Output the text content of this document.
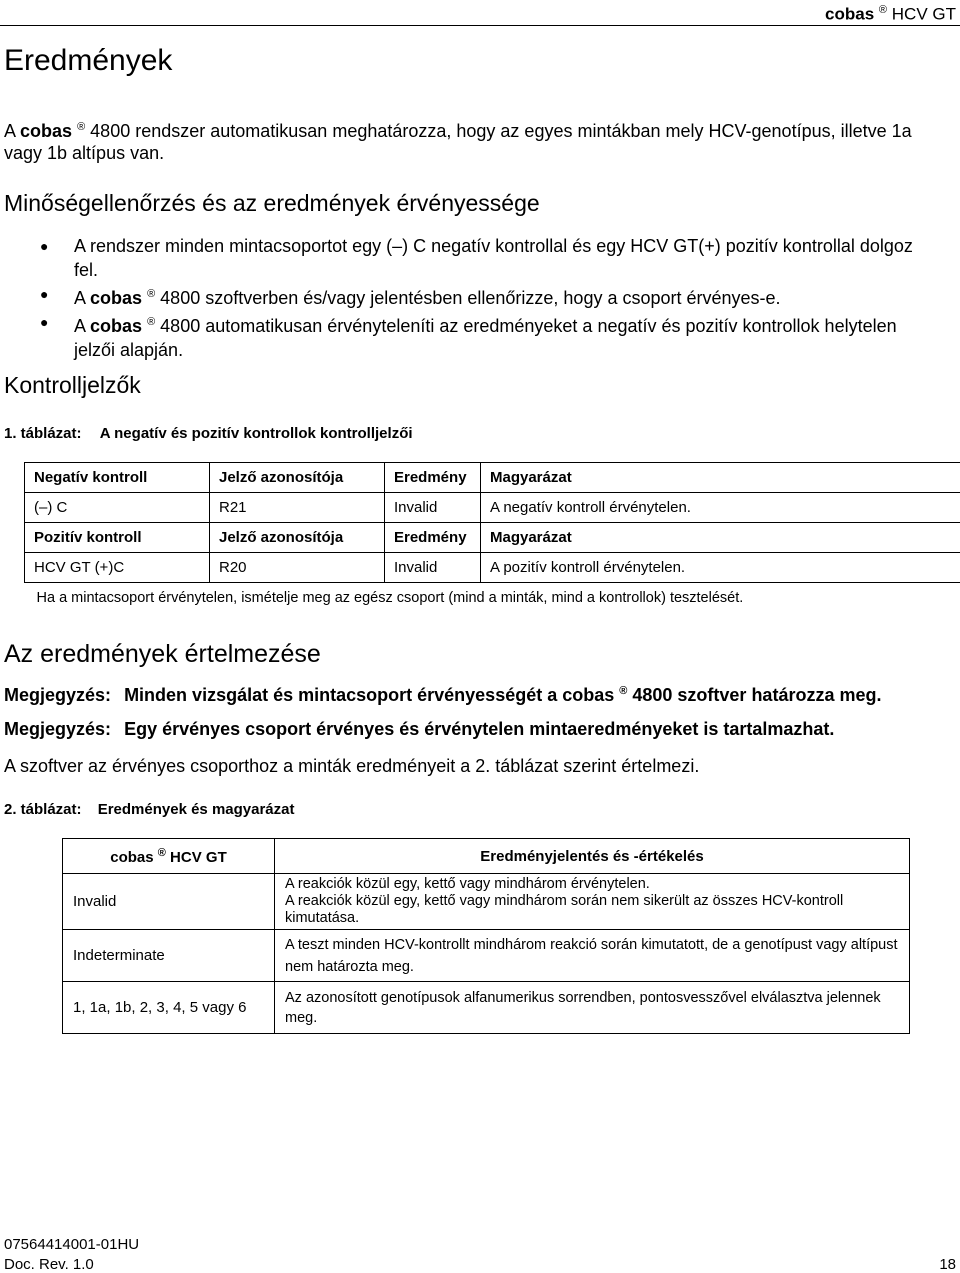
cobas ® HCV GT
Eredmények
A cobas ® 4800 rendszer automatikusan meghatározza, hogy az egyes mintákban mely HCV-genotípus, illetve 1a vagy 1b altípus van.
Minőségellenőrzés és az eredmények érvényessége
● A rendszer minden mintacsoportot egy (–) C negatív kontrollal és egy HCV GT(+) pozitív kontrollal dolgoz fel.
● A cobas ® 4800 szoftverben és/vagy jelentésben ellenőrizze, hogy a csoport érvényes-e.
● A cobas ® 4800 automatikusan érvényteleníti az eredményeket a negatív és pozitív kontrollok helytelen jelzői alapján.
Kontrolljelzők
1. táblázat: A negatív és pozitív kontrollok kontrolljelzői
Negatív kontroll	Jelző azonosítója	Eredmény	Magyarázat
(–) C	R21	Invalid	A negatív kontroll érvénytelen.
Pozitív kontroll	Jelző azonosítója	Eredmény	Magyarázat
HCV GT (+)C	R20	Invalid	A pozitív kontroll érvénytelen.
Ha a mintacsoport érvénytelen, ismételje meg az egész csoport (mind a minták, mind a kontrollok) tesztelését.			
Az eredmények értelmezése
Megjegyzés: Minden vizsgálat és mintacsoport érvényességét a cobas ® 4800 szoftver határozza meg.
Megjegyzés: Egy érvényes csoport érvényes és érvénytelen mintaeredményeket is tartalmazhat.
A szoftver az érvényes csoporthoz a minták eredményeit a 2. táblázat szerint értelmezi.
2. táblázat: Eredmények és magyarázat
cobas ® HCV GT	Eredményjelentés és -értékelés
Invalid	A reakciók közül egy, kettő vagy mindhárom érvénytelen.
A reakciók közül egy, kettő vagy mindhárom során nem sikerült az összes HCV-kontroll kimutatása.

Indeterminate	A teszt minden HCV-kontrollt mindhárom reakció során kimutatott, de a genotípust vagy altípust nem határozta meg.

1, 1a, 1b, 2, 3, 4, 5 vagy 6	Az azonosított genotípusok alfanumerikus sorrendben, pontosvesszővel elválasztva jelennek meg.
07564414001-01HU
Doc. Rev. 1.0	18
